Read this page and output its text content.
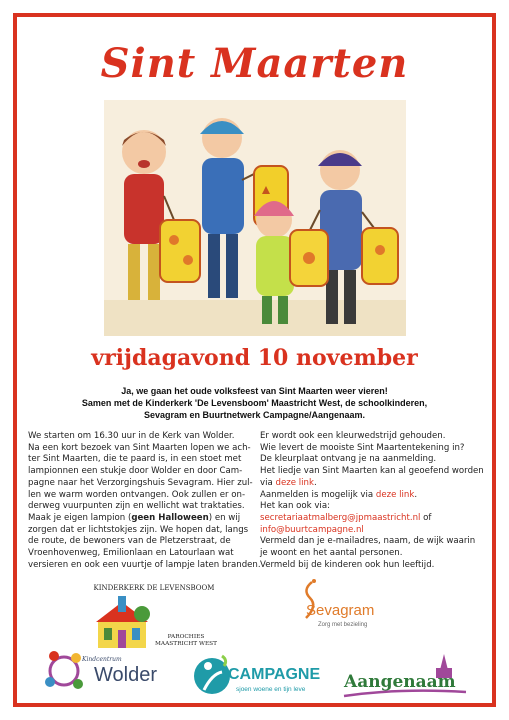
Sint Maarten
vrijdagavond 10 november
Ja, we gaan het oude volksfeest van Sint Maarten weer vieren!
Samen met de Kinderkerk 'De Levensboom' Maastricht West, de schoolkinderen,
Sevagram en Buurtnetwerk Campagne/Aangenaam.
We starten om 16.30 uur in de Kerk van Wolder.
Na een kort bezoek van Sint Maarten lopen we ach-
ter Sint Maarten, die te paard is, in een stoet met
lampionnen een stukje door Wolder en door Cam-
pagne naar het Verzorgingshuis Sevagram. Hier zul-
len we warm worden ontvangen. Ook zullen er on-
derweg vuurpunten zijn en wellicht wat traktaties.
Maak je eigen lampion (geen Halloween) en wij
zorgen dat er lichtstokjes zijn. We hopen dat, langs
de route, de bewoners van de Pletzerstraat, de
Vroenhovenweg, Emilionlaan en Latourlaan wat
versieren en ook een vuurtje of lampje laten branden.
Er wordt ook een kleurwedstrijd gehouden.
Wie levert de mooiste Sint Maartentekening in?
De kleurplaat ontvang je na aanmelding.
Het liedje van Sint Maarten kan al geoefend worden
via deze link.
Aanmelden is mogelijk via deze link.
Het kan ook via:
secretariaatmalberg@jpmaastricht.nl of
info@buurtcampagne.nl
Vermeld dan je e-mailadres, naam, de wijk waarin
je woont en het aantal personen.
Vermeld bij de kinderen ook hun leeftijd.
KINDERKERK DE LEVENSBOOM
PAROCHIES
MAASTRICHT WEST
Sevagram
Zorg met bezieling
Kindcentrum
Wolder	CAMPAGNE
sjoen woene en tijn leve Aangenaam
